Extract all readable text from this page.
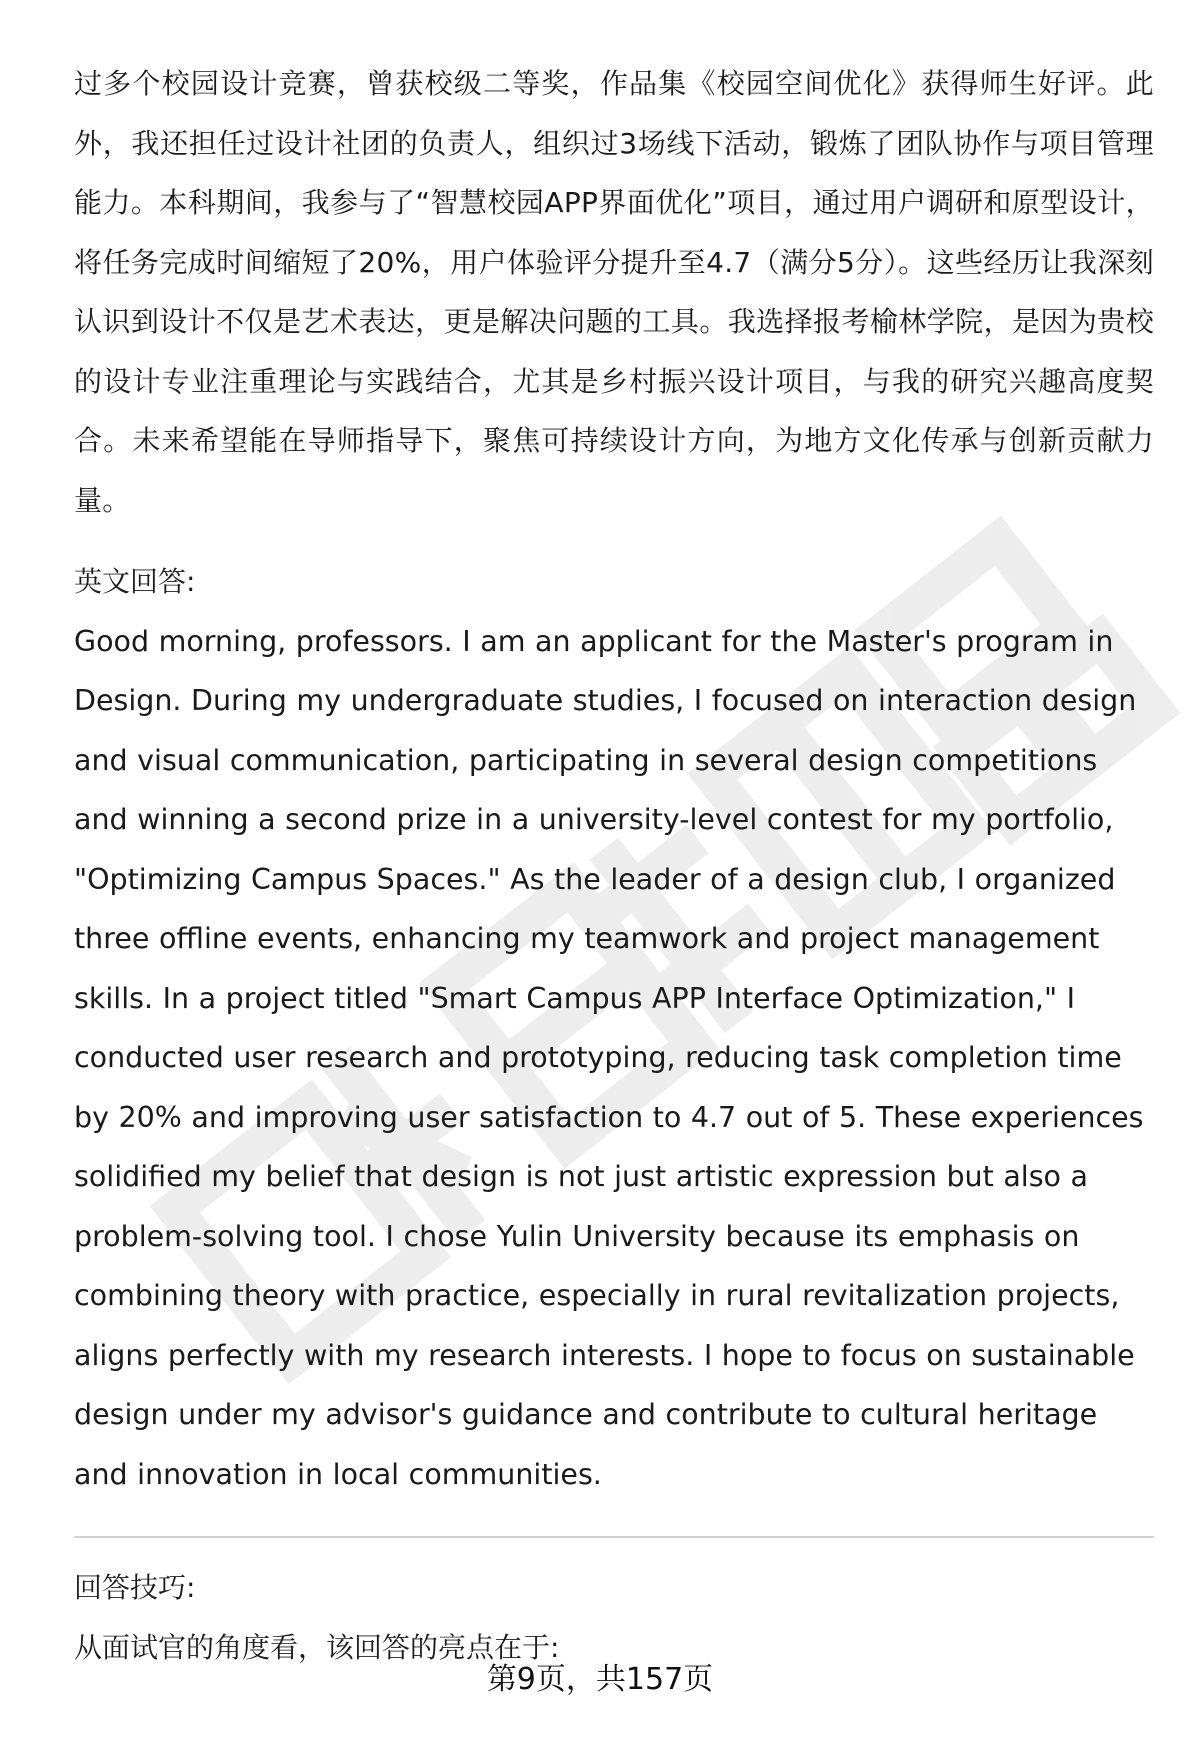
过多个校园设计竞赛，曾获校级二等奖，作品集《校园空间优化》获得师生好评。此外，我还担任过设计社团的负责人，组织过3场线下活动，锻炼了团队协作与项目管理能力。本科期间，我参与了“智慧校园APP界面优化”项目，通过用户调研和原型设计，将任务完成时间缩短了20%，用户体验评分提升至4.7（满分5分）。这些经历让我深刻认识到设计不仅是艺术表达，更是解决问题的工具。我选择报考榆林学院，是因为贵校的设计专业注重理论与实践结合，尤其是乡村振兴设计项目，与我的研究兴趣高度契合。未来希望能在导师指导下，聚焦可持续设计方向，为地方文化传承与创新贡献力量。

英文回答:

Good morning, professors. I am an applicant for the Master's program in Design. During my undergraduate studies, I focused on interaction design and visual communication, participating in several design competitions and winning a second prize in a university-level contest for my portfolio, "Optimizing Campus Spaces." As the leader of a design club, I organized three offline events, enhancing my teamwork and project management skills. In a project titled "Smart Campus APP Interface Optimization," I conducted user research and prototyping, reducing task completion time by 20% and improving user satisfaction to 4.7 out of 5. These experiences solidified my belief that design is not just artistic expression but also a problem-solving tool. I chose Yulin University because its emphasis on combining theory with practice, especially in rural revitalization projects, aligns perfectly with my research interests. I hope to focus on sustainable design under my advisor's guidance and contribute to cultural heritage and innovation in local communities.

回答技巧:

从面试官的角度看，该回答的亮点在于:

第9页，共157页
